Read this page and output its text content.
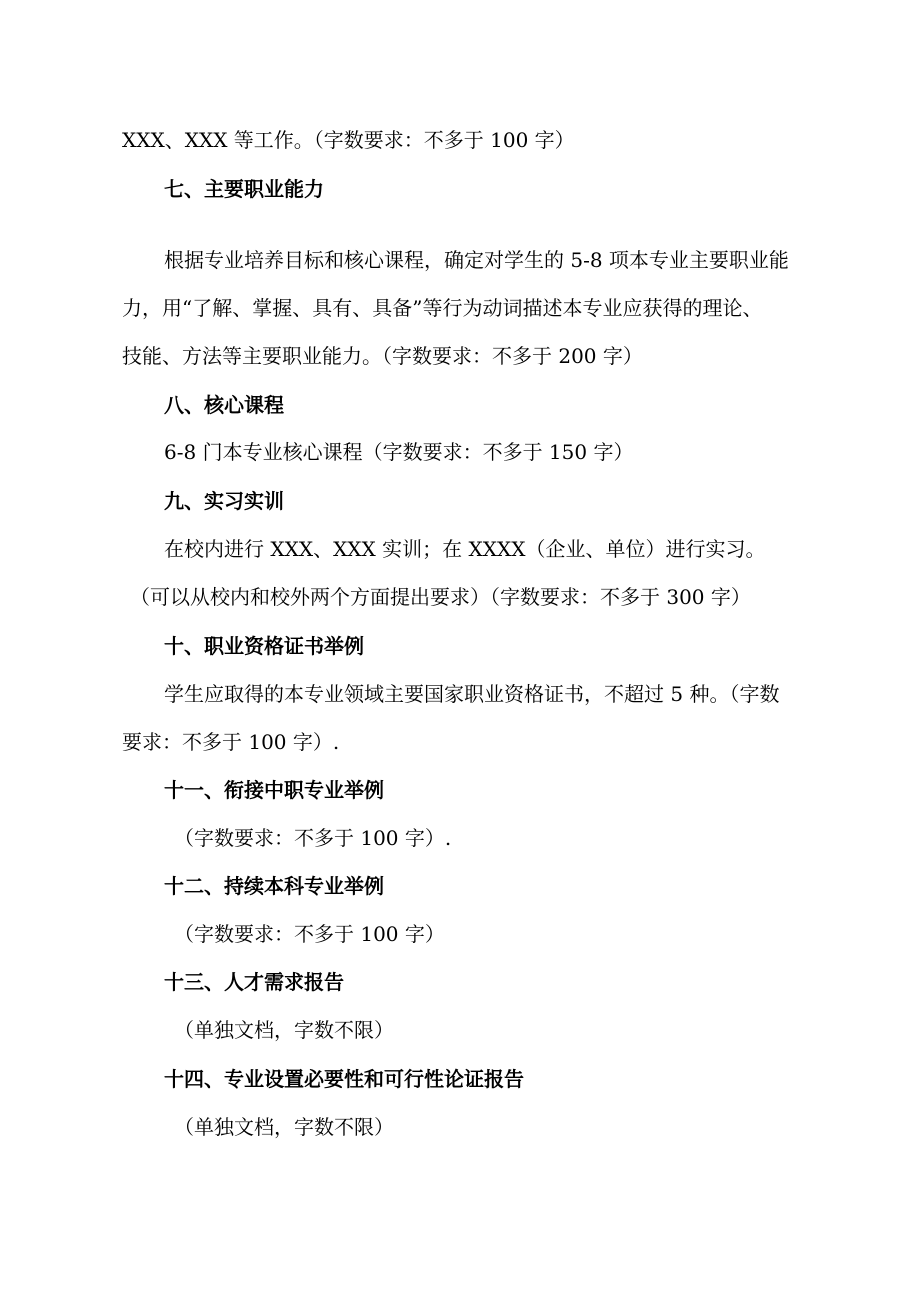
XXX、XXX 等工作。（字数要求：不多于 100 字）

七、主要职业能力

根据专业培养目标和核心课程，确定对学生的 5-8 项本专业主要职业能

力，用“了解、掌握、具有、具备”等行为动词描述本专业应获得的理论、

技能、方法等主要职业能力。（字数要求：不多于 200 字）

八、核心课程

6-8 门本专业核心课程（字数要求：不多于 150 字）

九、实习实训

在校内进行 XXX、XXX 实训；在 XXXX（企业、单位）进行实习。

（可以从校内和校外两个方面提出要求）（字数要求：不多于 300 字）

十、职业资格证书举例

学生应取得的本专业领域主要国家职业资格证书，不超过 5 种。（字数

要求：不多于 100 字）.

十一、衔接中职专业举例

（字数要求：不多于 100 字）.

十二、持续本科专业举例

（字数要求：不多于 100 字）

十三、人才需求报告

（单独文档，字数不限）

十四、专业设置必要性和可行性论证报告

（单独文档，字数不限）
